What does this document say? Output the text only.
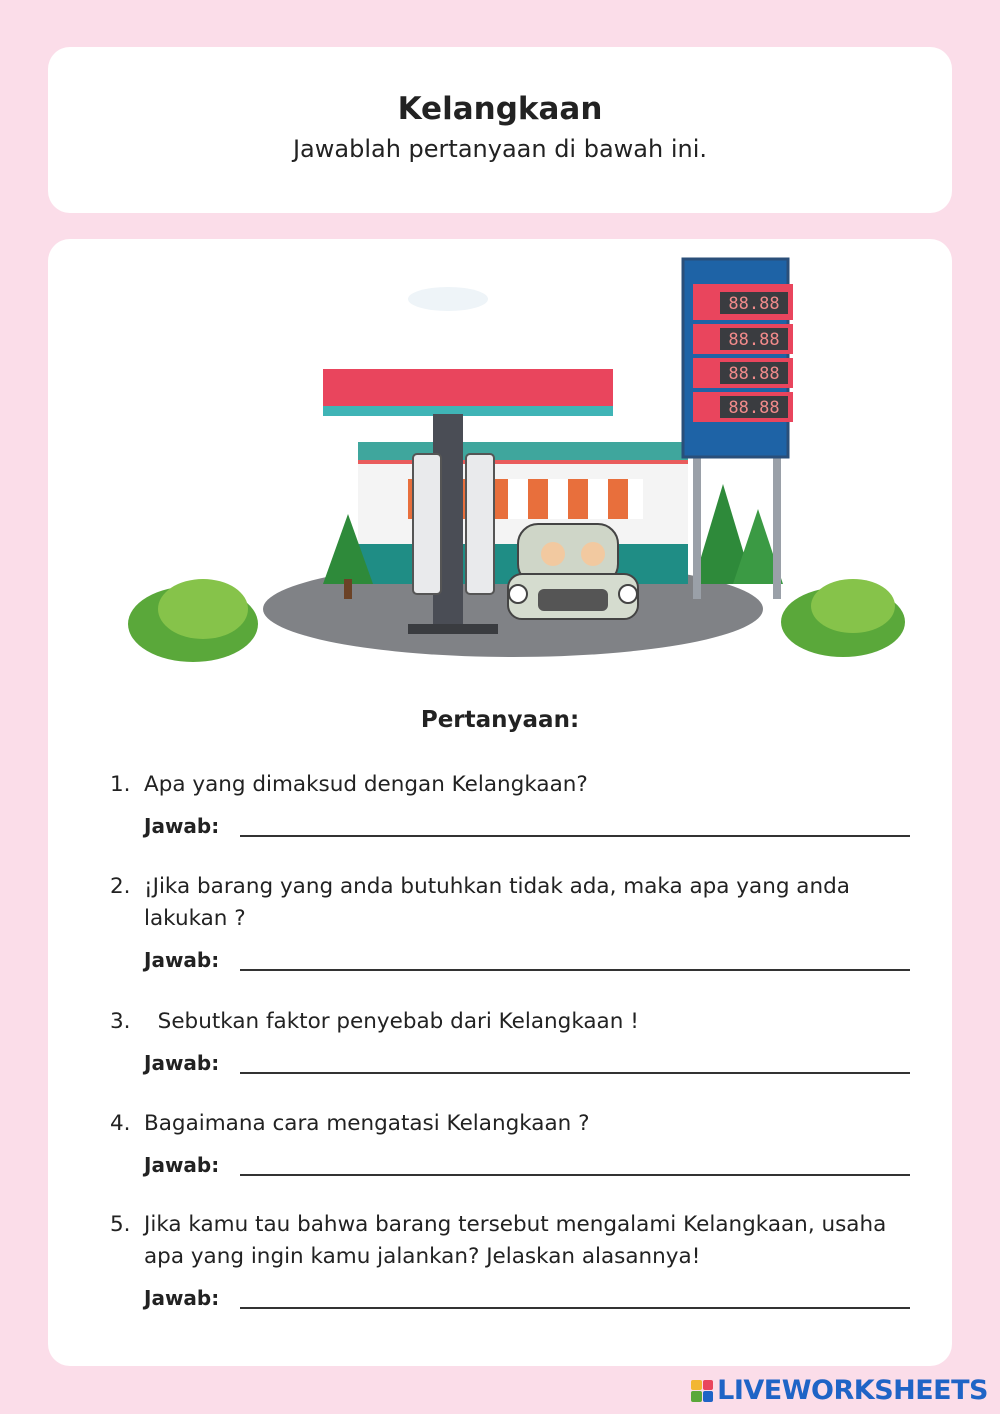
Kelangkaan
Jawablah pertanyaan di bawah ini.
88.88
88.88
88.88
88.88
Pertanyaan:
1. Apa yang dimaksud dengan Kelangkaan?
Jawab:
2. ¡Jika barang yang anda butuhkan tidak ada, maka apa yang anda lakukan ?
Jawab:
3. Sebutkan faktor penyebab dari Kelangkaan !
Jawab:
4. Bagaimana cara mengatasi Kelangkaan ?
Jawab:
5. Jika kamu tau bahwa barang tersebut mengalami Kelangkaan, usaha apa yang ingin kamu jalankan? Jelaskan alasannya!
Jawab:
LIVEWORKSHEETS
